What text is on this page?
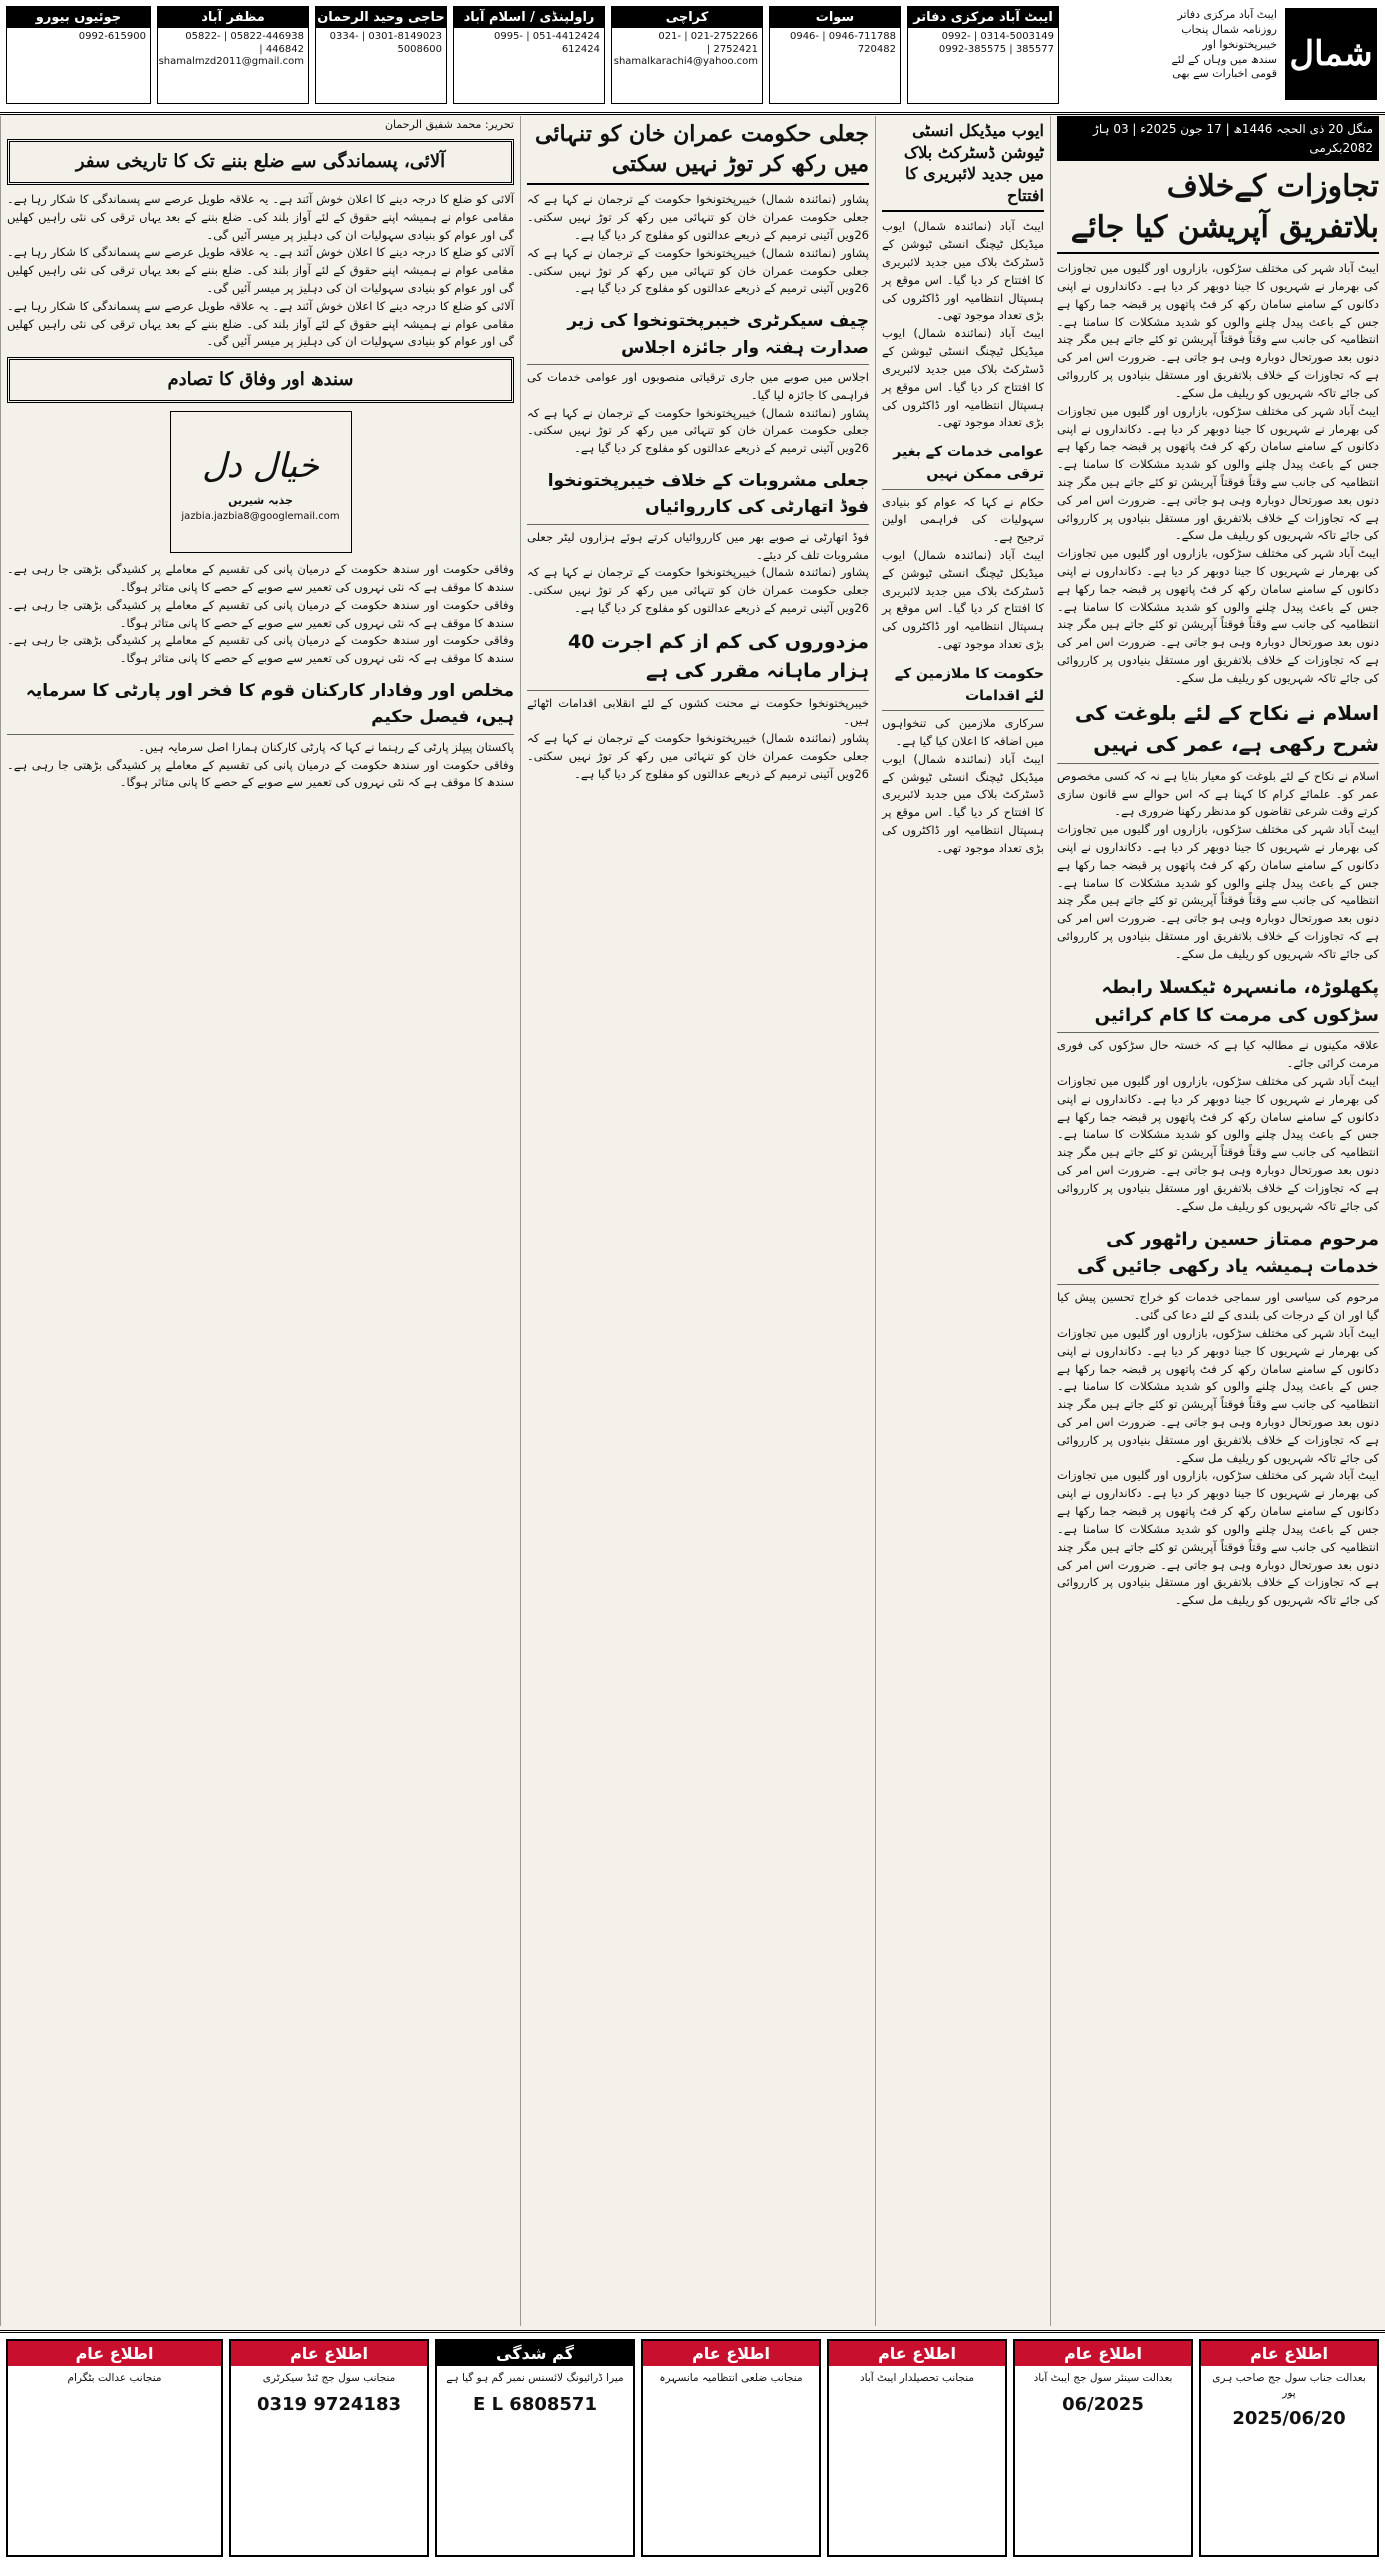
شمال
ایبٹ آباد مرکزی دفاتر
روزنامہ شمال پنجاب
خیبرپختونخوا اور
سندھ میں وہاں کے لئے
قومی اخبارات سے بھی
ایبٹ آباد مرکزی دفاتر
0314-5003149 | 0992-385577 | 0992-385575
سوات
0946-711788 | 0946-720482
کراچی
021-2752266 | 021-2752421 | shamalkarachi4@yahoo.com
راولپنڈی / اسلام آباد
051-4412424 | 0995-612424
حاجی وحید الرحمان
0301-8149023 | 0334-5008600
مظفر آباد
05822-446938 | 05822-446842 | shamalmzd2011@gmail.com
جوئیوں بیورو
0992-615900
منگل 20 ذی الحجہ 1446ھ | 17 جون 2025ء | 03 ہاڑ 2082بکرمی
تجاوزات کےخلاف بلاتفریق آپریشن کیا جائے
ایبٹ آباد شہر کی مختلف سڑکوں، بازاروں اور گلیوں میں تجاوزات کی بھرمار نے شہریوں کا جینا دوبھر کر دیا ہے۔ دکانداروں نے اپنی دکانوں کے سامنے سامان رکھ کر فٹ پاتھوں پر قبضہ جما رکھا ہے جس کے باعث پیدل چلنے والوں کو شدید مشکلات کا سامنا ہے۔ انتظامیہ کی جانب سے وقتاً فوقتاً آپریشن تو کئے جاتے ہیں مگر چند دنوں بعد صورتحال دوبارہ وہی ہو جاتی ہے۔ ضرورت اس امر کی ہے کہ تجاوزات کے خلاف بلاتفریق اور مستقل بنیادوں پر کارروائی کی جائے تاکہ شہریوں کو ریلیف مل سکے۔
ایبٹ آباد شہر کی مختلف سڑکوں، بازاروں اور گلیوں میں تجاوزات کی بھرمار نے شہریوں کا جینا دوبھر کر دیا ہے۔ دکانداروں نے اپنی دکانوں کے سامنے سامان رکھ کر فٹ پاتھوں پر قبضہ جما رکھا ہے جس کے باعث پیدل چلنے والوں کو شدید مشکلات کا سامنا ہے۔ انتظامیہ کی جانب سے وقتاً فوقتاً آپریشن تو کئے جاتے ہیں مگر چند دنوں بعد صورتحال دوبارہ وہی ہو جاتی ہے۔ ضرورت اس امر کی ہے کہ تجاوزات کے خلاف بلاتفریق اور مستقل بنیادوں پر کارروائی کی جائے تاکہ شہریوں کو ریلیف مل سکے۔
ایبٹ آباد شہر کی مختلف سڑکوں، بازاروں اور گلیوں میں تجاوزات کی بھرمار نے شہریوں کا جینا دوبھر کر دیا ہے۔ دکانداروں نے اپنی دکانوں کے سامنے سامان رکھ کر فٹ پاتھوں پر قبضہ جما رکھا ہے جس کے باعث پیدل چلنے والوں کو شدید مشکلات کا سامنا ہے۔ انتظامیہ کی جانب سے وقتاً فوقتاً آپریشن تو کئے جاتے ہیں مگر چند دنوں بعد صورتحال دوبارہ وہی ہو جاتی ہے۔ ضرورت اس امر کی ہے کہ تجاوزات کے خلاف بلاتفریق اور مستقل بنیادوں پر کارروائی کی جائے تاکہ شہریوں کو ریلیف مل سکے۔
اسلام نے نکاح کے لئے بلوغت کی شرح رکھی ہے، عمر کی نہیں
اسلام نے نکاح کے لئے بلوغت کو معیار بنایا ہے نہ کہ کسی مخصوص عمر کو۔ علمائے کرام کا کہنا ہے کہ اس حوالے سے قانون سازی کرتے وقت شرعی تقاضوں کو مدنظر رکھنا ضروری ہے۔
ایبٹ آباد شہر کی مختلف سڑکوں، بازاروں اور گلیوں میں تجاوزات کی بھرمار نے شہریوں کا جینا دوبھر کر دیا ہے۔ دکانداروں نے اپنی دکانوں کے سامنے سامان رکھ کر فٹ پاتھوں پر قبضہ جما رکھا ہے جس کے باعث پیدل چلنے والوں کو شدید مشکلات کا سامنا ہے۔ انتظامیہ کی جانب سے وقتاً فوقتاً آپریشن تو کئے جاتے ہیں مگر چند دنوں بعد صورتحال دوبارہ وہی ہو جاتی ہے۔ ضرورت اس امر کی ہے کہ تجاوزات کے خلاف بلاتفریق اور مستقل بنیادوں پر کارروائی کی جائے تاکہ شہریوں کو ریلیف مل سکے۔
پکھلوڑہ، مانسہرہ ٹیکسلا رابطہ سڑکوں کی مرمت کا کام کرائیں
علاقہ مکینوں نے مطالبہ کیا ہے کہ خستہ حال سڑکوں کی فوری مرمت کرائی جائے۔
ایبٹ آباد شہر کی مختلف سڑکوں، بازاروں اور گلیوں میں تجاوزات کی بھرمار نے شہریوں کا جینا دوبھر کر دیا ہے۔ دکانداروں نے اپنی دکانوں کے سامنے سامان رکھ کر فٹ پاتھوں پر قبضہ جما رکھا ہے جس کے باعث پیدل چلنے والوں کو شدید مشکلات کا سامنا ہے۔ انتظامیہ کی جانب سے وقتاً فوقتاً آپریشن تو کئے جاتے ہیں مگر چند دنوں بعد صورتحال دوبارہ وہی ہو جاتی ہے۔ ضرورت اس امر کی ہے کہ تجاوزات کے خلاف بلاتفریق اور مستقل بنیادوں پر کارروائی کی جائے تاکہ شہریوں کو ریلیف مل سکے۔
مرحوم ممتاز حسین راٹھور کی خدمات ہمیشہ یاد رکھی جائیں گی
مرحوم کی سیاسی اور سماجی خدمات کو خراج تحسین پیش کیا گیا اور ان کے درجات کی بلندی کے لئے دعا کی گئی۔
ایبٹ آباد شہر کی مختلف سڑکوں، بازاروں اور گلیوں میں تجاوزات کی بھرمار نے شہریوں کا جینا دوبھر کر دیا ہے۔ دکانداروں نے اپنی دکانوں کے سامنے سامان رکھ کر فٹ پاتھوں پر قبضہ جما رکھا ہے جس کے باعث پیدل چلنے والوں کو شدید مشکلات کا سامنا ہے۔ انتظامیہ کی جانب سے وقتاً فوقتاً آپریشن تو کئے جاتے ہیں مگر چند دنوں بعد صورتحال دوبارہ وہی ہو جاتی ہے۔ ضرورت اس امر کی ہے کہ تجاوزات کے خلاف بلاتفریق اور مستقل بنیادوں پر کارروائی کی جائے تاکہ شہریوں کو ریلیف مل سکے۔
ایبٹ آباد شہر کی مختلف سڑکوں، بازاروں اور گلیوں میں تجاوزات کی بھرمار نے شہریوں کا جینا دوبھر کر دیا ہے۔ دکانداروں نے اپنی دکانوں کے سامنے سامان رکھ کر فٹ پاتھوں پر قبضہ جما رکھا ہے جس کے باعث پیدل چلنے والوں کو شدید مشکلات کا سامنا ہے۔ انتظامیہ کی جانب سے وقتاً فوقتاً آپریشن تو کئے جاتے ہیں مگر چند دنوں بعد صورتحال دوبارہ وہی ہو جاتی ہے۔ ضرورت اس امر کی ہے کہ تجاوزات کے خلاف بلاتفریق اور مستقل بنیادوں پر کارروائی کی جائے تاکہ شہریوں کو ریلیف مل سکے۔
ایوب میڈیکل انسٹی ٹیوشن ڈسٹرکٹ بلاک میں جدید لائبریری کا افتتاح
ایبٹ آباد (نمائندہ شمال) ایوب میڈیکل ٹیچنگ انسٹی ٹیوشن کے ڈسٹرکٹ بلاک میں جدید لائبریری کا افتتاح کر دیا گیا۔ اس موقع پر ہسپتال انتظامیہ اور ڈاکٹروں کی بڑی تعداد موجود تھی۔
ایبٹ آباد (نمائندہ شمال) ایوب میڈیکل ٹیچنگ انسٹی ٹیوشن کے ڈسٹرکٹ بلاک میں جدید لائبریری کا افتتاح کر دیا گیا۔ اس موقع پر ہسپتال انتظامیہ اور ڈاکٹروں کی بڑی تعداد موجود تھی۔
عوامی خدمات کے بغیر ترقی ممکن نہیں
حکام نے کہا کہ عوام کو بنیادی سہولیات کی فراہمی اولین ترجیح ہے۔
ایبٹ آباد (نمائندہ شمال) ایوب میڈیکل ٹیچنگ انسٹی ٹیوشن کے ڈسٹرکٹ بلاک میں جدید لائبریری کا افتتاح کر دیا گیا۔ اس موقع پر ہسپتال انتظامیہ اور ڈاکٹروں کی بڑی تعداد موجود تھی۔
حکومت کا ملازمین کے لئے اقدامات
سرکاری ملازمین کی تنخواہوں میں اضافہ کا اعلان کیا گیا ہے۔
ایبٹ آباد (نمائندہ شمال) ایوب میڈیکل ٹیچنگ انسٹی ٹیوشن کے ڈسٹرکٹ بلاک میں جدید لائبریری کا افتتاح کر دیا گیا۔ اس موقع پر ہسپتال انتظامیہ اور ڈاکٹروں کی بڑی تعداد موجود تھی۔
جعلی حکومت عمران خان کو تنہائی میں رکھ کر توڑ نہیں سکتی
پشاور (نمائندہ شمال) خیبرپختونخوا حکومت کے ترجمان نے کہا ہے کہ جعلی حکومت عمران خان کو تنہائی میں رکھ کر توڑ نہیں سکتی۔ 26ویں آئینی ترمیم کے ذریعے عدالتوں کو مفلوج کر دیا گیا ہے۔
پشاور (نمائندہ شمال) خیبرپختونخوا حکومت کے ترجمان نے کہا ہے کہ جعلی حکومت عمران خان کو تنہائی میں رکھ کر توڑ نہیں سکتی۔ 26ویں آئینی ترمیم کے ذریعے عدالتوں کو مفلوج کر دیا گیا ہے۔
چیف سیکرٹری خیبرپختونخوا کی زیر صدارت ہفتہ وار جائزہ اجلاس
اجلاس میں صوبے میں جاری ترقیاتی منصوبوں اور عوامی خدمات کی فراہمی کا جائزہ لیا گیا۔
پشاور (نمائندہ شمال) خیبرپختونخوا حکومت کے ترجمان نے کہا ہے کہ جعلی حکومت عمران خان کو تنہائی میں رکھ کر توڑ نہیں سکتی۔ 26ویں آئینی ترمیم کے ذریعے عدالتوں کو مفلوج کر دیا گیا ہے۔
جعلی مشروبات کے خلاف خیبرپختونخوا فوڈ اتھارٹی کی کارروائیاں
فوڈ اتھارٹی نے صوبے بھر میں کارروائیاں کرتے ہوئے ہزاروں لیٹر جعلی مشروبات تلف کر دیئے۔
پشاور (نمائندہ شمال) خیبرپختونخوا حکومت کے ترجمان نے کہا ہے کہ جعلی حکومت عمران خان کو تنہائی میں رکھ کر توڑ نہیں سکتی۔ 26ویں آئینی ترمیم کے ذریعے عدالتوں کو مفلوج کر دیا گیا ہے۔
مزدوروں کی کم از کم اجرت 40 ہزار ماہانہ مقرر کی ہے
خیبرپختونخوا حکومت نے محنت کشوں کے لئے انقلابی اقدامات اٹھائے ہیں۔
پشاور (نمائندہ شمال) خیبرپختونخوا حکومت کے ترجمان نے کہا ہے کہ جعلی حکومت عمران خان کو تنہائی میں رکھ کر توڑ نہیں سکتی۔ 26ویں آئینی ترمیم کے ذریعے عدالتوں کو مفلوج کر دیا گیا ہے۔
تحریر: محمد شفیق الرحمان
آلائی، پسماندگی سے ضلع بننے تک کا تاریخی سفر
آلائی کو ضلع کا درجہ دینے کا اعلان خوش آئند ہے۔ یہ علاقہ طویل عرصے سے پسماندگی کا شکار رہا ہے۔ مقامی عوام نے ہمیشہ اپنے حقوق کے لئے آواز بلند کی۔ ضلع بننے کے بعد یہاں ترقی کی نئی راہیں کھلیں گی اور عوام کو بنیادی سہولیات ان کی دہلیز پر میسر آئیں گی۔
آلائی کو ضلع کا درجہ دینے کا اعلان خوش آئند ہے۔ یہ علاقہ طویل عرصے سے پسماندگی کا شکار رہا ہے۔ مقامی عوام نے ہمیشہ اپنے حقوق کے لئے آواز بلند کی۔ ضلع بننے کے بعد یہاں ترقی کی نئی راہیں کھلیں گی اور عوام کو بنیادی سہولیات ان کی دہلیز پر میسر آئیں گی۔
آلائی کو ضلع کا درجہ دینے کا اعلان خوش آئند ہے۔ یہ علاقہ طویل عرصے سے پسماندگی کا شکار رہا ہے۔ مقامی عوام نے ہمیشہ اپنے حقوق کے لئے آواز بلند کی۔ ضلع بننے کے بعد یہاں ترقی کی نئی راہیں کھلیں گی اور عوام کو بنیادی سہولیات ان کی دہلیز پر میسر آئیں گی۔
سندھ اور وفاق کا تصادم
خیال دل
جذبہ شیریں
jazbia.jazbia8@googlemail.com
وفاقی حکومت اور سندھ حکومت کے درمیان پانی کی تقسیم کے معاملے پر کشیدگی بڑھتی جا رہی ہے۔ سندھ کا موقف ہے کہ نئی نہروں کی تعمیر سے صوبے کے حصے کا پانی متاثر ہوگا۔
وفاقی حکومت اور سندھ حکومت کے درمیان پانی کی تقسیم کے معاملے پر کشیدگی بڑھتی جا رہی ہے۔ سندھ کا موقف ہے کہ نئی نہروں کی تعمیر سے صوبے کے حصے کا پانی متاثر ہوگا۔
وفاقی حکومت اور سندھ حکومت کے درمیان پانی کی تقسیم کے معاملے پر کشیدگی بڑھتی جا رہی ہے۔ سندھ کا موقف ہے کہ نئی نہروں کی تعمیر سے صوبے کے حصے کا پانی متاثر ہوگا۔
مخلص اور وفادار کارکنان قوم کا فخر اور پارٹی کا سرمایہ ہیں، فیصل حکیم
پاکستان پیپلز پارٹی کے رہنما نے کہا کہ پارٹی کارکنان ہمارا اصل سرمایہ ہیں۔
وفاقی حکومت اور سندھ حکومت کے درمیان پانی کی تقسیم کے معاملے پر کشیدگی بڑھتی جا رہی ہے۔ سندھ کا موقف ہے کہ نئی نہروں کی تعمیر سے صوبے کے حصے کا پانی متاثر ہوگا۔
اطلاع عام
بعدالت جناب سول جج صاحب ہری پور
2025/06/20
اطلاع عام
بعدالت سینئر سول جج ایبٹ آباد
06/2025
اطلاع عام
منجانب تحصیلدار ایبٹ آباد
اطلاع عام
منجانب ضلعی انتظامیہ مانسہرہ
گم شدگی
میرا ڈرائیونگ لائسنس نمبر گم ہو گیا ہے
E L 6808571
اطلاع عام
منجانب سول جج ٹنڈ سیکرٹری
0319 9724183
اطلاع عام
منجانب عدالت بٹگرام
